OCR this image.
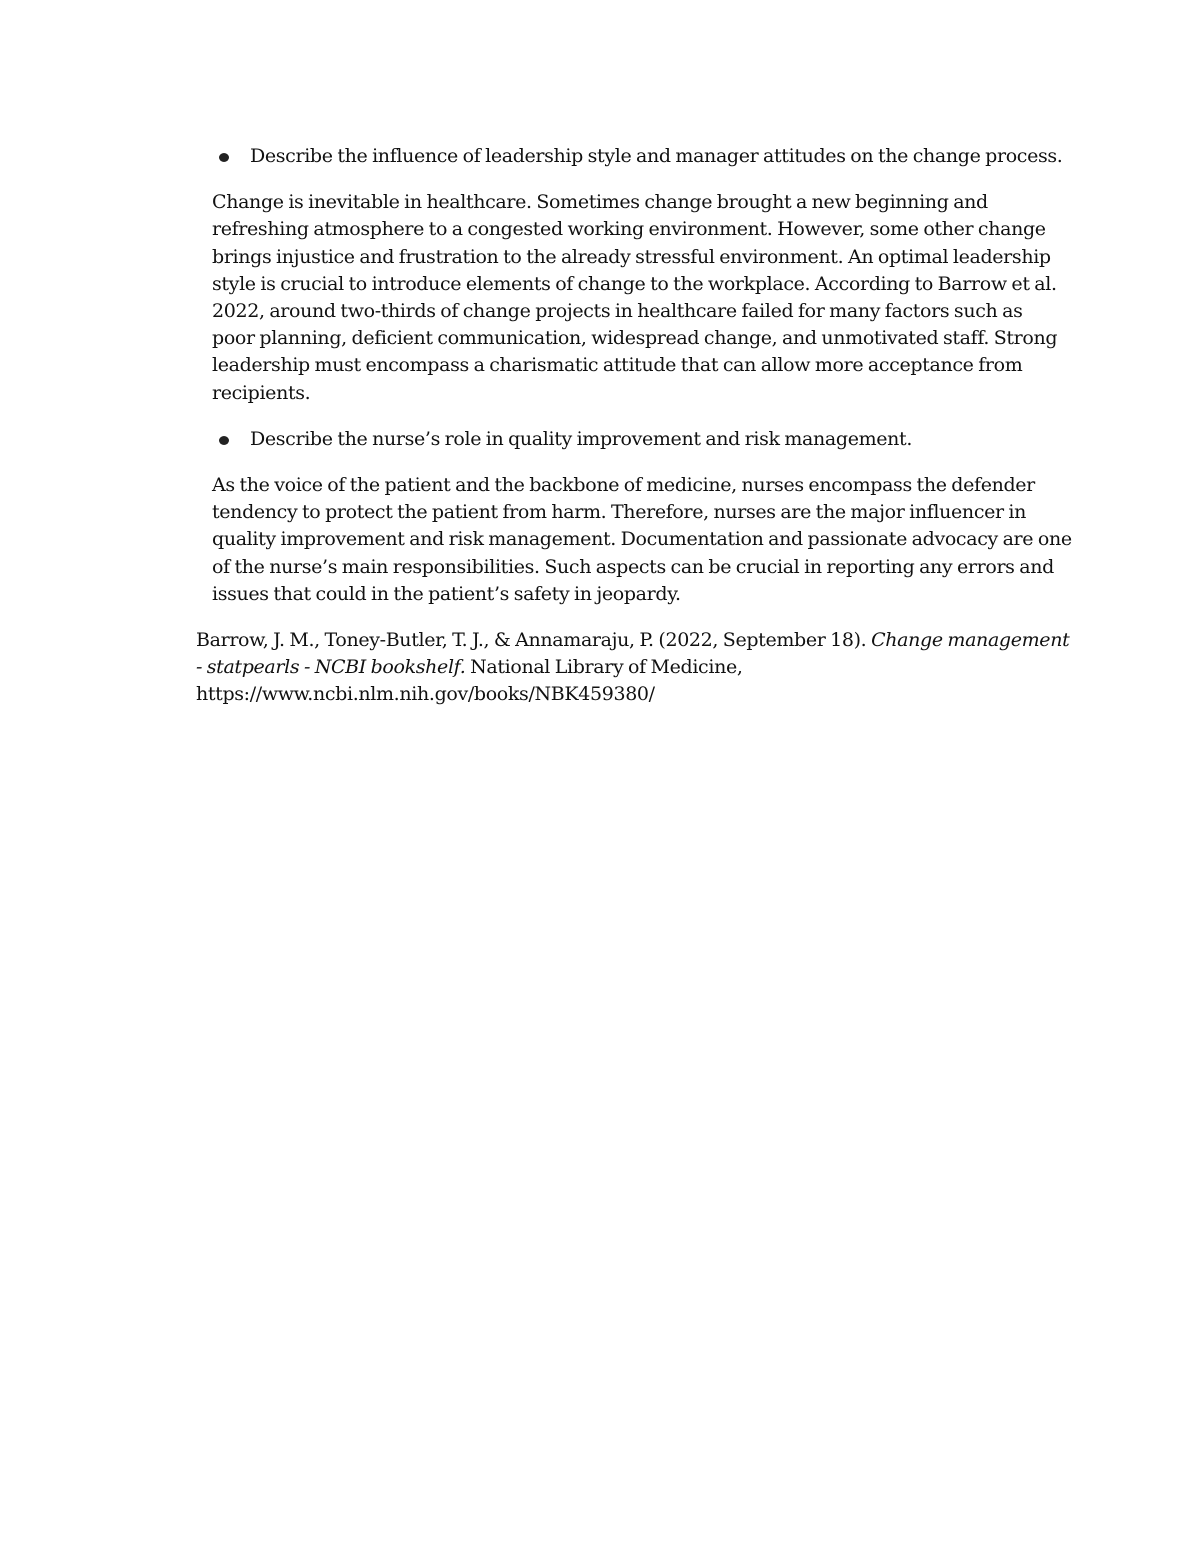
Describe the influence of leadership style and manager attitudes on the change process.

Change is inevitable in healthcare. Sometimes change brought a new beginning and refreshing atmosphere to a congested working environment. However, some other change brings injustice and frustration to the already stressful environment. An optimal leadership style is crucial to introduce elements of change to the workplace. According to Barrow et al. 2022, around two-thirds of change projects in healthcare failed for many factors such as poor planning, deficient communication, widespread change, and unmotivated staff. Strong leadership must encompass a charismatic attitude that can allow more acceptance from recipients.

Describe the nurse’s role in quality improvement and risk management.

As the voice of the patient and the backbone of medicine, nurses encompass the defender tendency to protect the patient from harm. Therefore, nurses are the major influencer in quality improvement and risk management. Documentation and passionate advocacy are one of the nurse’s main responsibilities. Such aspects can be crucial in reporting any errors and issues that could in the patient’s safety in jeopardy.

Barrow, J. M., Toney-Butler, T. J., & Annamaraju, P. (2022, September 18). Change management - statpearls - NCBI bookshelf. National Library of Medicine, https://www.ncbi.nlm.nih.gov/books/NBK459380/
